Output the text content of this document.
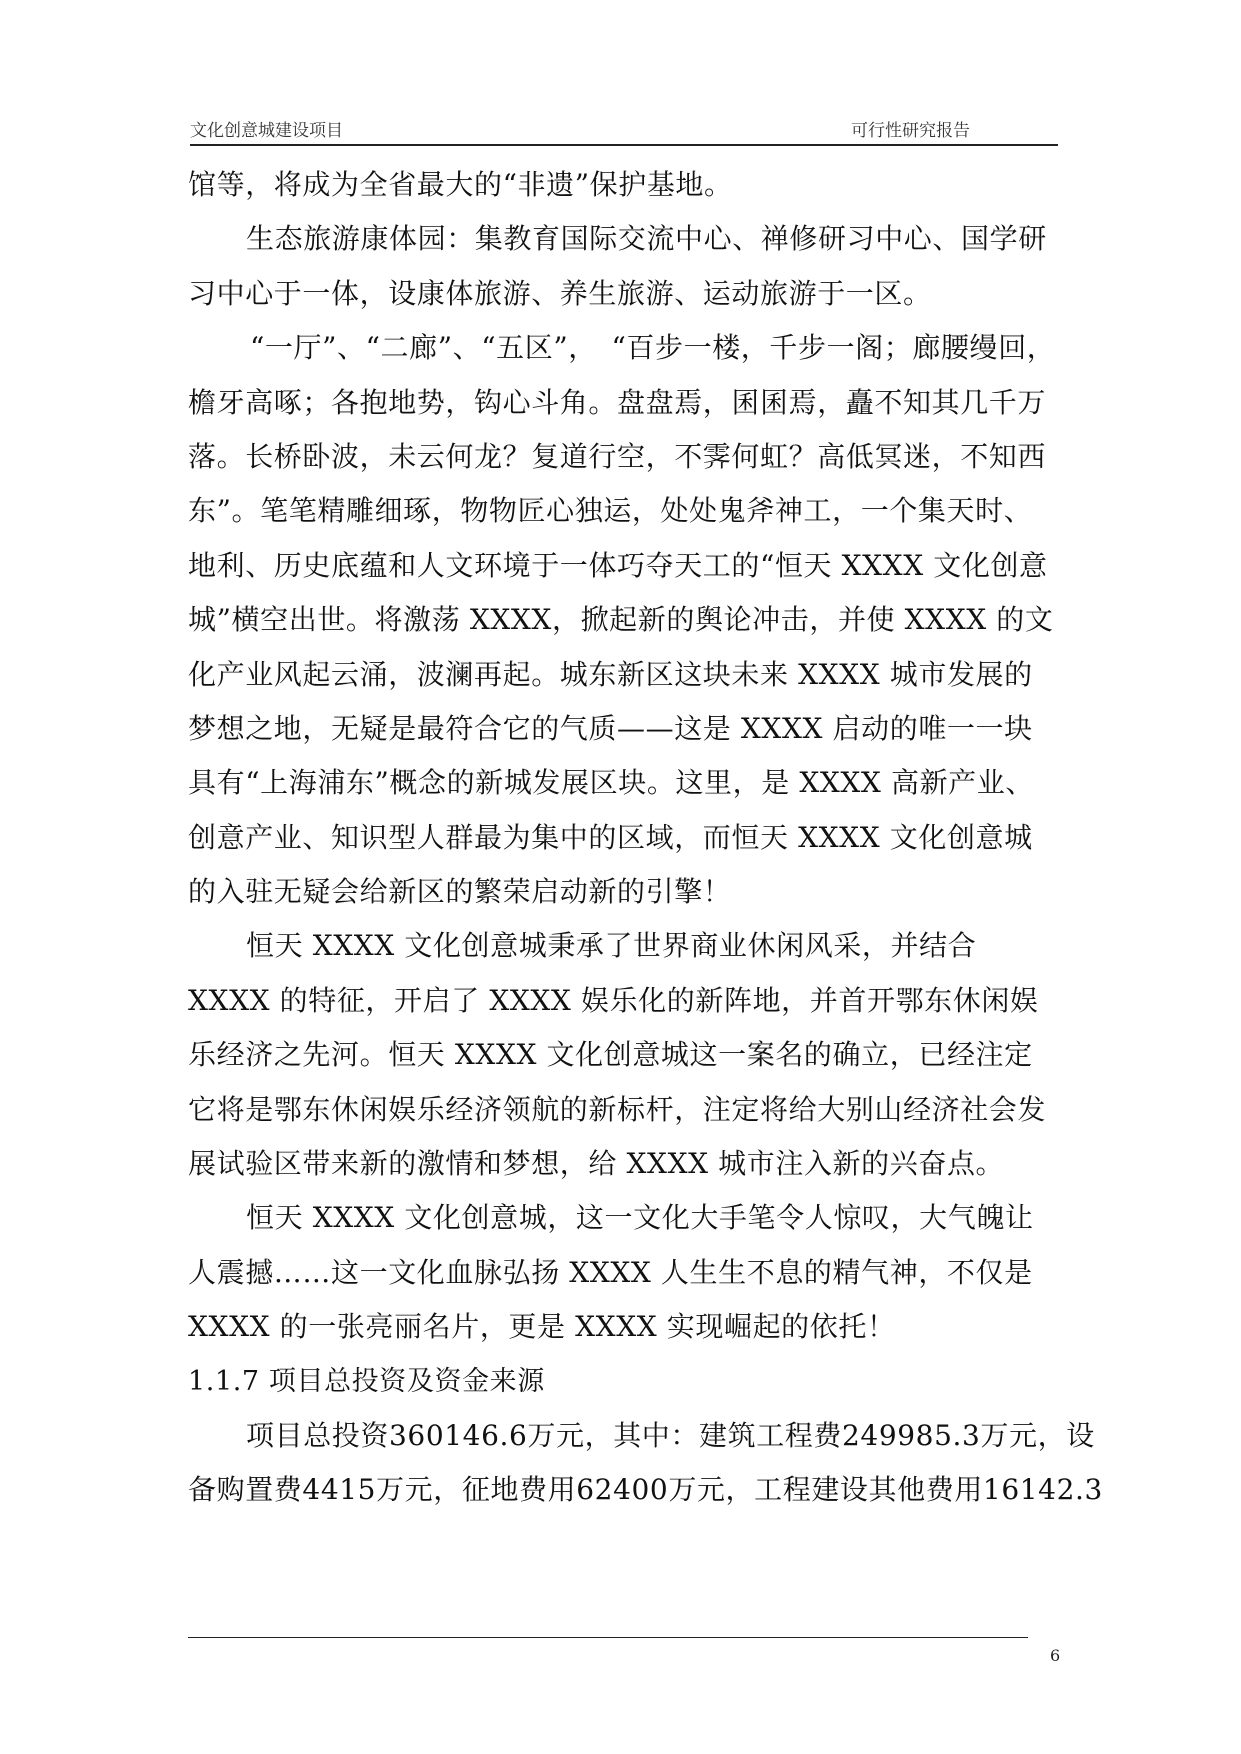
文化创意城建设项目	可行性研究报告
馆等，将成为全省最大的“非遗”保护基地。
生态旅游康体园：集教育国际交流中心、禅修研习中心、国学研
习中心于一体，设康体旅游、养生旅游、运动旅游于一区。
“一厅”、“二廊”、“五区”，　“百步一楼，千步一阁；廊腰缦回，
檐牙高啄；各抱地势，钩心斗角。盘盘焉，囷囷焉，矗不知其几千万
落。长桥卧波，未云何龙？复道行空，不霁何虹？高低冥迷，不知西
东”。笔笔精雕细琢，物物匠心独运，处处鬼斧神工，一个集天时、
地利、历史底蕴和人文环境于一体巧夺天工的“恒天 XXXX 文化创意
城”横空出世。将激荡 XXXX，掀起新的舆论冲击，并使 XXXX 的文
化产业风起云涌，波澜再起。城东新区这块未来 XXXX 城市发展的
梦想之地，无疑是最符合它的气质——这是 XXXX 启动的唯一一块
具有“上海浦东”概念的新城发展区块。这里，是 XXXX 高新产业、
创意产业、知识型人群最为集中的区域，而恒天 XXXX 文化创意城
的入驻无疑会给新区的繁荣启动新的引擎！
恒天 XXXX 文化创意城秉承了世界商业休闲风采，并结合
XXXX 的特征，开启了 XXXX 娱乐化的新阵地，并首开鄂东休闲娱
乐经济之先河。恒天 XXXX 文化创意城这一案名的确立，已经注定
它将是鄂东休闲娱乐经济领航的新标杆，注定将给大别山经济社会发
展试验区带来新的激情和梦想，给 XXXX 城市注入新的兴奋点。
恒天 XXXX 文化创意城，这一文化大手笔令人惊叹，大气魄让
人震撼……这一文化血脉弘扬 XXXX 人生生不息的精气神，不仅是
XXXX 的一张亮丽名片，更是 XXXX 实现崛起的依托！
1.1.7 项目总投资及资金来源
项目总投资360146.6万元，其中：建筑工程费249985.3万元，设
备购置费4415万元，征地费用62400万元，工程建设其他费用16142.3
6
